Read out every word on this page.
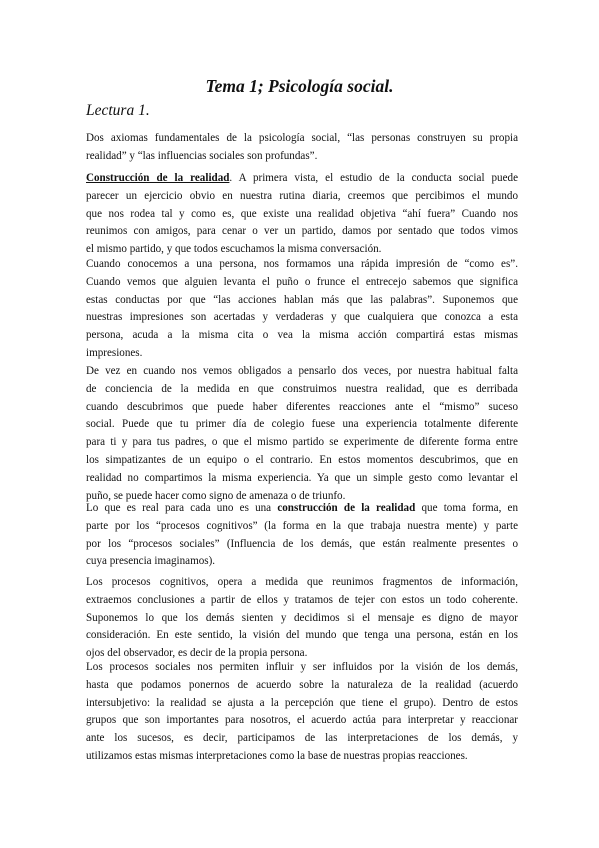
Tema 1; Psicología social.
Lectura 1.
Dos axiomas fundamentales de la psicología social, “las personas construyen su propia
realidad” y “las influencias sociales son profundas”.
Construcción de la realidad. A primera vista, el estudio de la conducta social puede
parecer un ejercicio obvio en nuestra rutina diaria, creemos que percibimos el mundo
que nos rodea tal y como es, que existe una realidad objetiva “ahí fuera” Cuando nos
reunimos con amigos, para cenar o ver un partido, damos por sentado que todos vimos
el mismo partido, y que todos escuchamos la misma conversación.
Cuando conocemos a una persona, nos formamos una rápida impresión de “como es”.
Cuando vemos que alguien levanta el puño o frunce el entrecejo sabemos que significa
estas conductas por que “las acciones hablan más que las palabras”. Suponemos que
nuestras impresiones son acertadas y verdaderas y que cualquiera que conozca a esta
persona, acuda a la misma cita o vea la misma acción compartirá estas mismas
impresiones.
De vez en cuando nos vemos obligados a pensarlo dos veces, por nuestra habitual falta
de conciencia de la medida en que construimos nuestra realidad, que es derribada
cuando descubrimos que puede haber diferentes reacciones ante el “mismo” suceso
social. Puede que tu primer día de colegio fuese una experiencia totalmente diferente
para ti y para tus padres, o que el mismo partido se experimente de diferente forma entre
los simpatizantes de un equipo o el contrario. En estos momentos descubrimos, que en
realidad no compartimos la misma experiencia. Ya que un simple gesto como levantar el
puño, se puede hacer como signo de amenaza o de triunfo.
Lo que es real para cada uno es una construcción de la realidad que toma forma, en
parte por los “procesos cognitivos” (la forma en la que trabaja nuestra mente) y parte
por los “procesos sociales” (Influencia de los demás, que están realmente presentes o
cuya presencia imaginamos).
Los procesos cognitivos, opera a medida que reunimos fragmentos de información,
extraemos conclusiones a partir de ellos y tratamos de tejer con estos un todo coherente.
Suponemos lo que los demás sienten y decidimos si el mensaje es digno de mayor
consideración. En este sentido, la visión del mundo que tenga una persona, están en los
ojos del observador, es decir de la propia persona.
Los procesos sociales nos permiten influir y ser influidos por la visión de los demás,
hasta que podamos ponernos de acuerdo sobre la naturaleza de la realidad (acuerdo
intersubjetivo: la realidad se ajusta a la percepción que tiene el grupo). Dentro de estos
grupos que son importantes para nosotros, el acuerdo actúa para interpretar y reaccionar
ante los sucesos, es decir, participamos de las interpretaciones de los demás, y
utilizamos estas mismas interpretaciones como la base de nuestras propias reacciones.
